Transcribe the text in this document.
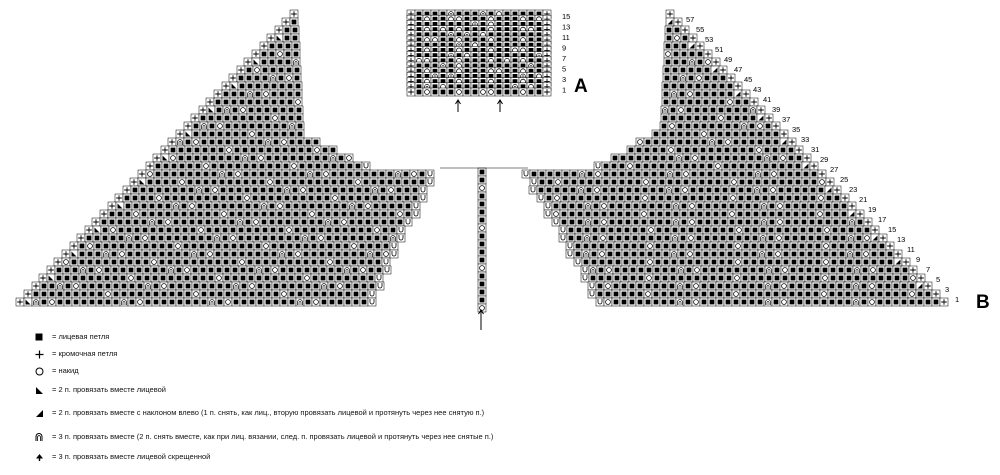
15
13
11
9
7
5
3
1
57
55
53
51
49
47
45
43
41
39
37
35
33
31
29
27
25
23
21
19
17
15
13
11
9
7
5
3
1
A
B
= лицевая петля
= кромочная петля
= накид
= 2 п. провязать вместе лицевой
= 2 п. провязать вместе с наклоном влево (1 п. снять, как лиц., вторую провязать лицевой и протянуть через нее снятую п.)
= 3 п. провязать вместе (2 п. снять вместе, как при лиц. вязании, след. п. провязать лицевой и протянуть через нее снятые п.)
= 3 п. провязать вместе лицевой скрещенной
